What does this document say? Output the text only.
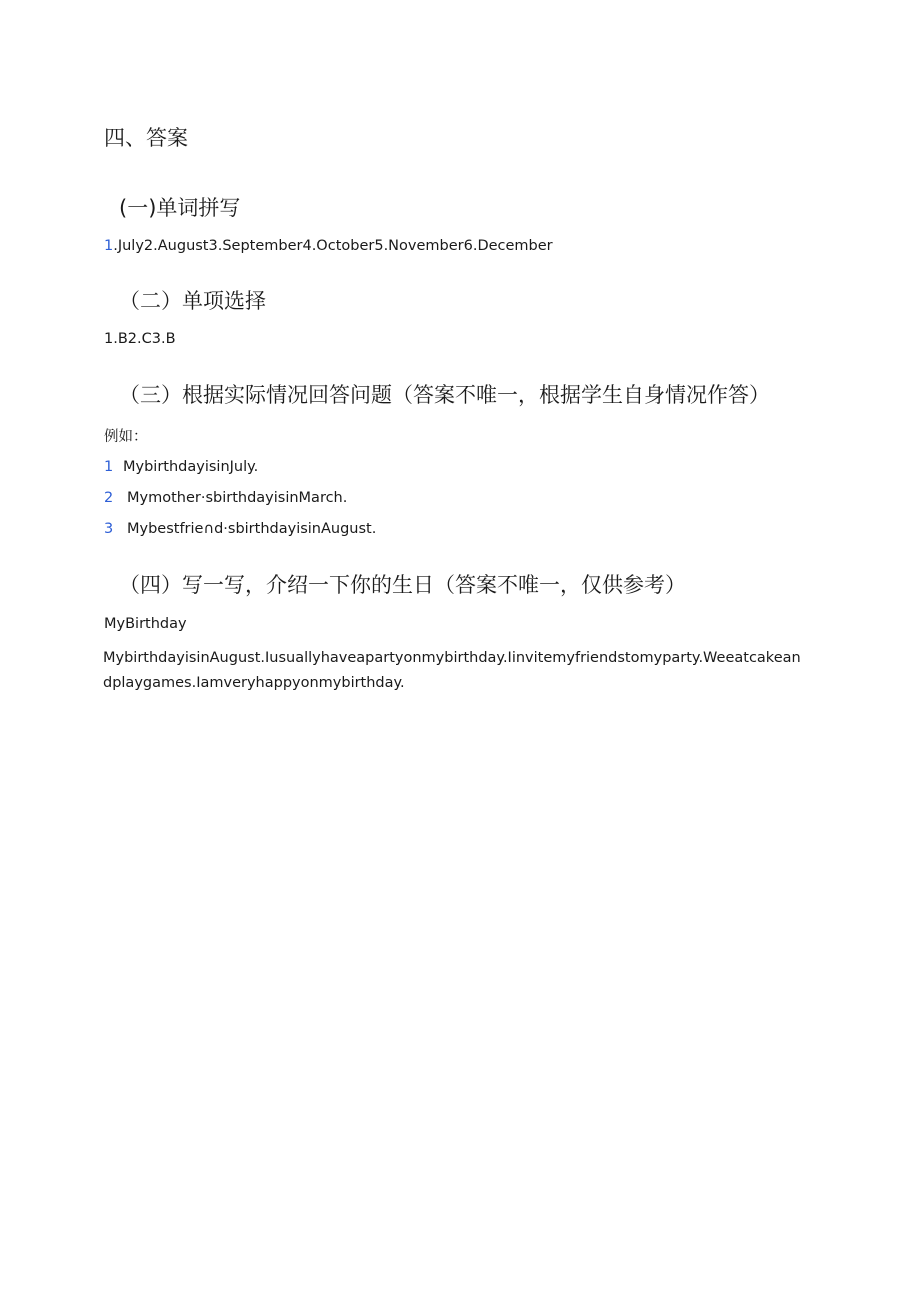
四、答案
(一)单词拼写
1.July2.August3.September4.October5.November6.December
（二）单项选择
1.B2.C3.B
（三）根据实际情况回答问题（答案不唯一，根据学生自身情况作答）
例如：
1 MybirthdayisinJuly.
2 Mymother·sbirthdayisinMarch.
3 Mybestfrie∩d·sbirthdayisinAugust.
（四）写一写，介绍一下你的生日（答案不唯一，仅供参考）
MyBirthday
MybirthdayisinAugust.Iusuallyhaveapartyonmybirthday.Iinvitemyfriendstomyparty.Weeatcakeandplaygames.Iamveryhappyonmybirthday.
